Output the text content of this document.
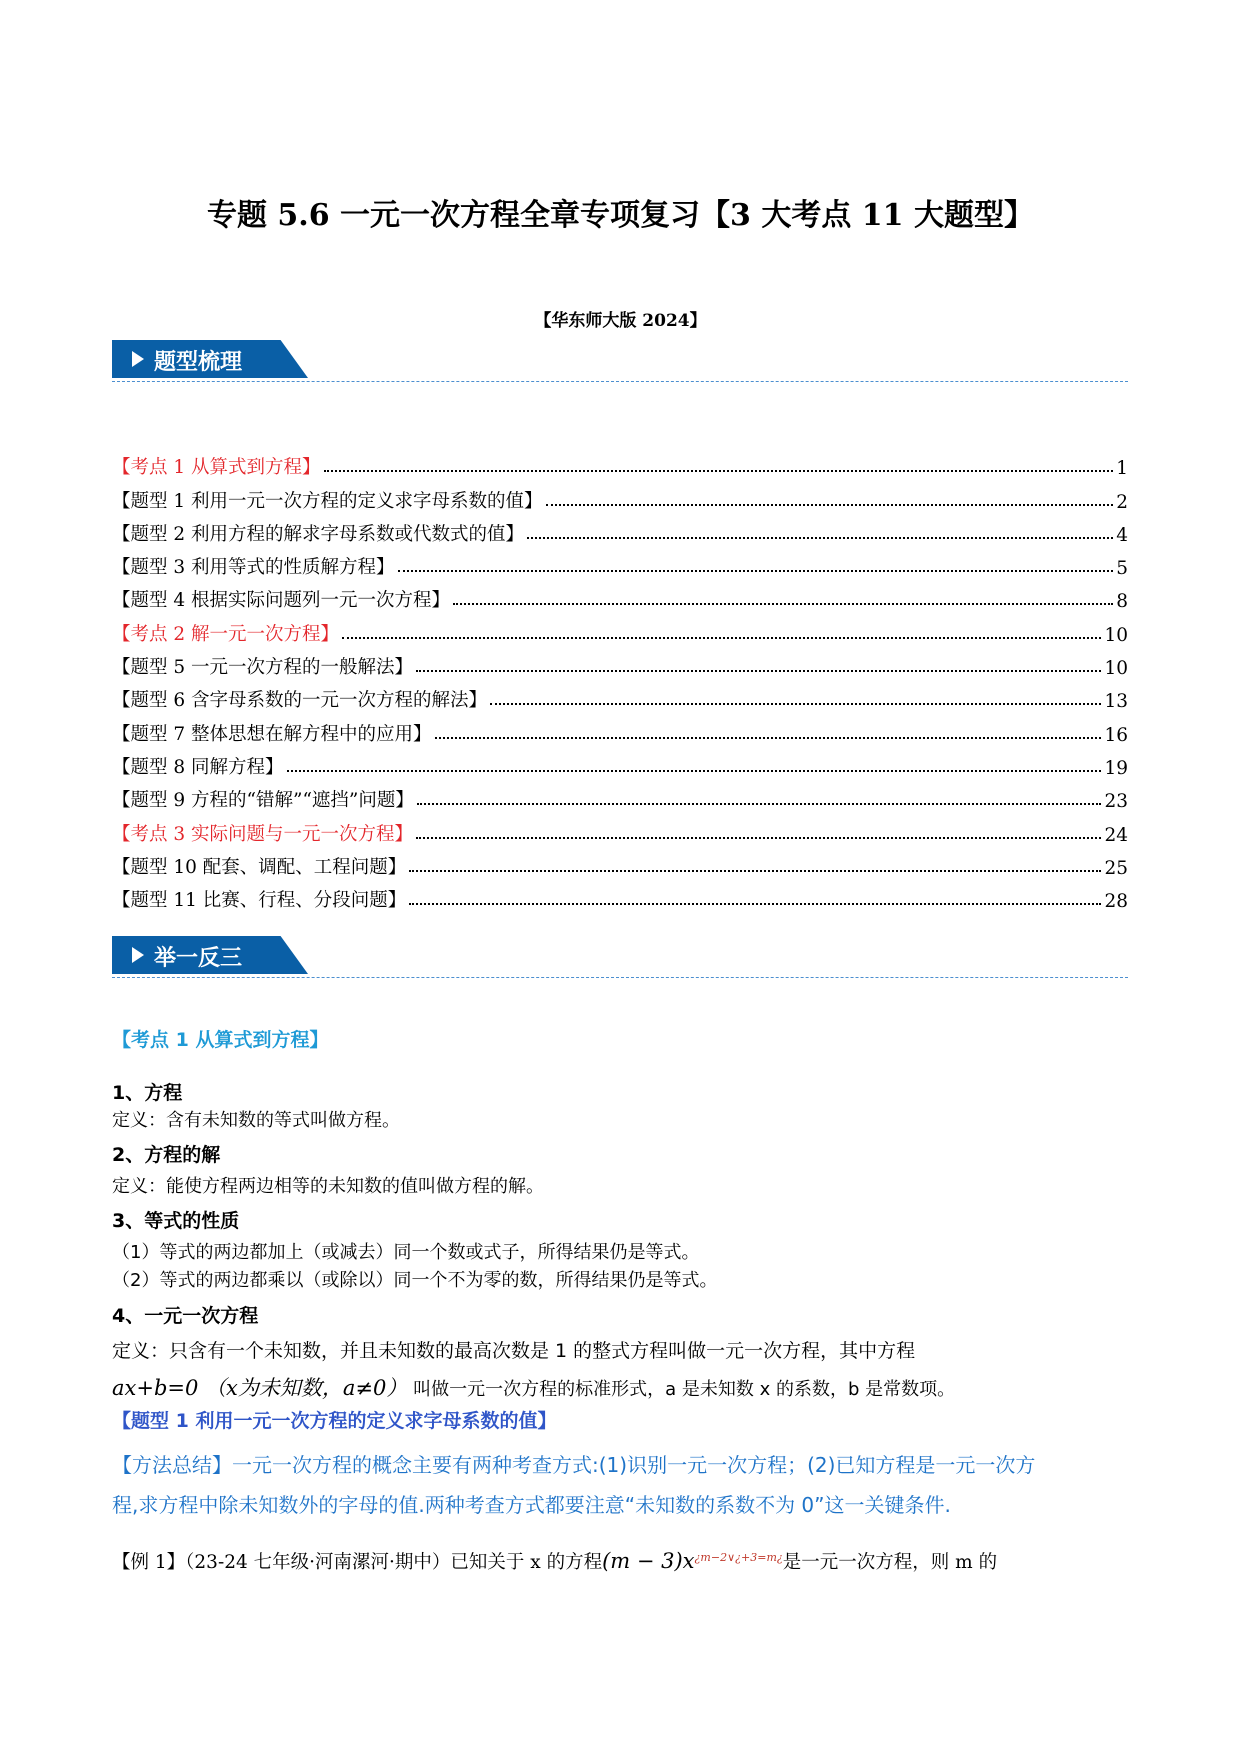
专题 5.6 一元一次方程全章专项复习【3 大考点 11 大题型】
【华东师大版 2024】
题型梳理
【考点 1 从算式到方程】	1
【题型 1 利用一元一次方程的定义求字母系数的值】	2
【题型 2 利用方程的解求字母系数或代数式的值】	4
【题型 3 利用等式的性质解方程】	5
【题型 4 根据实际问题列一元一次方程】	8
【考点 2 解一元一次方程】	10
【题型 5 一元一次方程的一般解法】	10
【题型 6 含字母系数的一元一次方程的解法】	13
【题型 7 整体思想在解方程中的应用】	16
【题型 8 同解方程】	19
【题型 9 方程的“错解”“遮挡”问题】	23
【考点 3 实际问题与一元一次方程】	24
【题型 10 配套、调配、工程问题】	25
【题型 11 比赛、行程、分段问题】	28
举一反三
【考点 1 从算式到方程】
1、方程
定义：含有未知数的等式叫做方程。
2、方程的解
定义：能使方程两边相等的未知数的值叫做方程的解。
3、等式的性质
（1）等式的两边都加上（或减去）同一个数或式子，所得结果仍是等式。
（2）等式的两边都乘以（或除以）同一个不为零的数，所得结果仍是等式。
4、一元一次方程
定义：只含有一个未知数，并且未知数的最高次数是 1 的整式方程叫做一元一次方程，其中方程
ax+b=0 （x为未知数，a≠0） 叫做一元一次方程的标准形式，a 是未知数 x 的系数，b 是常数项。
【题型 1 利用一元一次方程的定义求字母系数的值】
【方法总结】一元一次方程的概念主要有两种考查方式:(1)识别一元一次方程；(2)已知方程是一元一次方
程,求方程中除未知数外的字母的值.两种考查方式都要注意“未知数的系数不为 0”这一关键条件.
【例 1】（23-24 七年级·河南漯河·期中）已知关于 x 的方程$(m - 3)x^{¿m-2\vee¿+3=m¿}$是一元一次方程，则 m 的
